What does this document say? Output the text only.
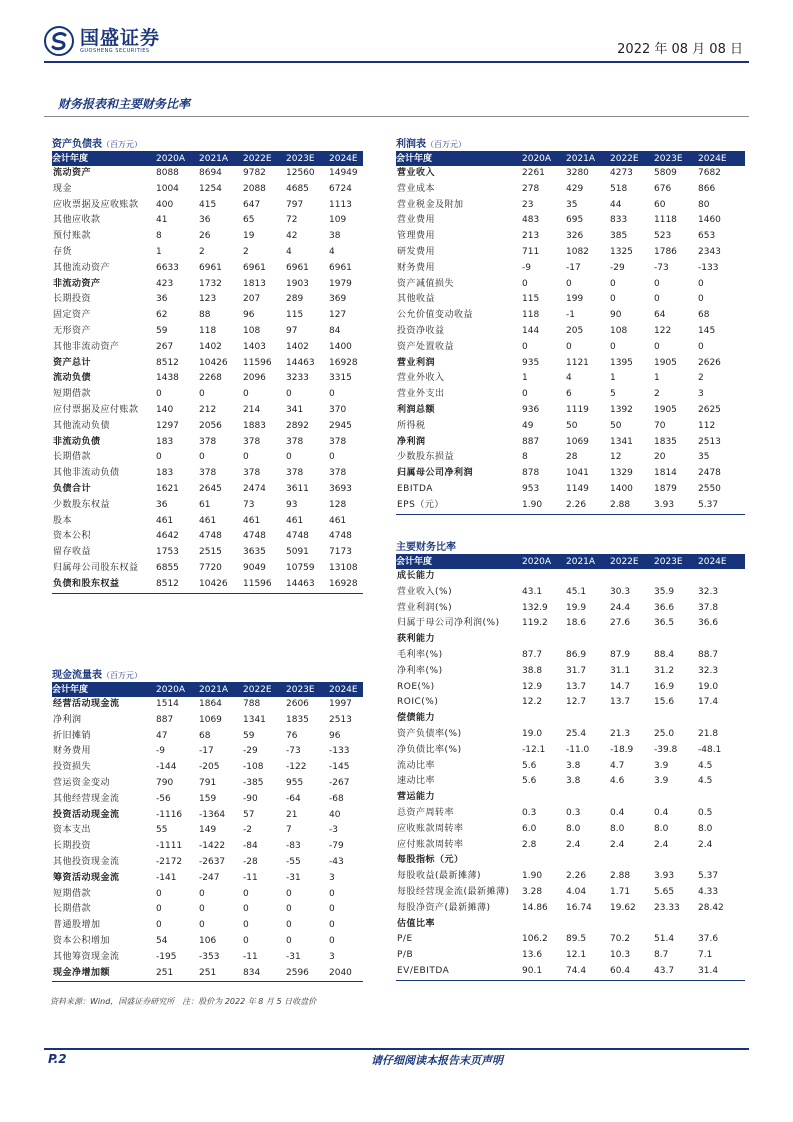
国盛证券
GUOSHENG SECURITIES	2022 年 08 月 08 日
财务报表和主要财务比率
资产负债表（百万元）
会计年度	2020A	2021A	2022E	2023E	2024E
流动资产	8088	8694	9782	12560	14949
现金	1004	1254	2088	4685	6724
应收票据及应收账款	400	415	647	797	1113
其他应收款	41	36	65	72	109
预付账款	8	26	19	42	38
存货	1	2	2	4	4
其他流动资产	6633	6961	6961	6961	6961
非流动资产	423	1732	1813	1903	1979
长期投资	36	123	207	289	369
固定资产	62	88	96	115	127
无形资产	59	118	108	97	84
其他非流动资产	267	1402	1403	1402	1400
资产总计	8512	10426	11596	14463	16928
流动负债	1438	2268	2096	3233	3315
短期借款	0	0	0	0	0
应付票据及应付账款	140	212	214	341	370
其他流动负债	1297	2056	1883	2892	2945
非流动负债	183	378	378	378	378
长期借款	0	0	0	0	0
其他非流动负债	183	378	378	378	378
负债合计	1621	2645	2474	3611	3693
少数股东权益	36	61	73	93	128
股本	461	461	461	461	461
资本公积	4642	4748	4748	4748	4748
留存收益	1753	2515	3635	5091	7173
归属母公司股东权益	6855	7720	9049	10759	13108
负债和股东权益	8512	10426	11596	14463	16928
利润表（百万元）
会计年度	2020A	2021A	2022E	2023E	2024E
营业收入	2261	3280	4273	5809	7682
营业成本	278	429	518	676	866
营业税金及附加	23	35	44	60	80
营业费用	483	695	833	1118	1460
管理费用	213	326	385	523	653
研发费用	711	1082	1325	1786	2343
财务费用	-9	-17	-29	-73	-133
资产减值损失	0	0	0	0	0
其他收益	115	199	0	0	0
公允价值变动收益	118	-1	90	64	68
投资净收益	144	205	108	122	145
资产处置收益	0	0	0	0	0
营业利润	935	1121	1395	1905	2626
营业外收入	1	4	1	1	2
营业外支出	0	6	5	2	3
利润总额	936	1119	1392	1905	2625
所得税	49	50	50	70	112
净利润	887	1069	1341	1835	2513
少数股东损益	8	28	12	20	35
归属母公司净利润	878	1041	1329	1814	2478
EBITDA	953	1149	1400	1879	2550
EPS（元）	1.90	2.26	2.88	3.93	5.37
现金流量表（百万元）
会计年度	2020A	2021A	2022E	2023E	2024E
经营活动现金流	1514	1864	788	2606	1997
净利润	887	1069	1341	1835	2513
折旧摊销	47	68	59	76	96
财务费用	-9	-17	-29	-73	-133
投资损失	-144	-205	-108	-122	-145
营运资金变动	790	791	-385	955	-267
其他经营现金流	-56	159	-90	-64	-68
投资活动现金流	-1116	-1364	57	21	40
资本支出	55	149	-2	7	-3
长期投资	-1111	-1422	-84	-83	-79
其他投资现金流	-2172	-2637	-28	-55	-43
筹资活动现金流	-141	-247	-11	-31	3
短期借款	0	0	0	0	0
长期借款	0	0	0	0	0
普通股增加	0	0	0	0	0
资本公积增加	54	106	0	0	0
其他筹资现金流	-195	-353	-11	-31	3
现金净增加额	251	251	834	2596	2040
主要财务比率
会计年度	2020A	2021A	2022E	2023E	2024E
成长能力					
营业收入(%)	43.1	45.1	30.3	35.9	32.3
营业利润(%)	132.9	19.9	24.4	36.6	37.8
归属于母公司净利润(%)	119.2	18.6	27.6	36.5	36.6
获利能力					
毛利率(%)	87.7	86.9	87.9	88.4	88.7
净利率(%)	38.8	31.7	31.1	31.2	32.3
ROE(%)	12.9	13.7	14.7	16.9	19.0
ROIC(%)	12.2	12.7	13.7	15.6	17.4
偿债能力					
资产负债率(%)	19.0	25.4	21.3	25.0	21.8
净负债比率(%)	-12.1	-11.0	-18.9	-39.8	-48.1
流动比率	5.6	3.8	4.7	3.9	4.5
速动比率	5.6	3.8	4.6	3.9	4.5
营运能力					
总资产周转率	0.3	0.3	0.4	0.4	0.5
应收账款周转率	6.0	8.0	8.0	8.0	8.0
应付账款周转率	2.8	2.4	2.4	2.4	2.4
每股指标（元）					
每股收益(最新摊薄)	1.90	2.26	2.88	3.93	5.37
每股经营现金流(最新摊薄)	3.28	4.04	1.71	5.65	4.33
每股净资产(最新摊薄)	14.86	16.74	19.62	23.33	28.42
估值比率					
P/E	106.2	89.5	70.2	51.4	37.6
P/B	13.6	12.1	10.3	8.7	7.1
EV/EBITDA	90.1	74.4	60.4	43.7	31.4
资料来源：Wind，国盛证券研究所　注：股价为 2022 年 8 月 5 日收盘价
P.2	请仔细阅读本报告末页声明
